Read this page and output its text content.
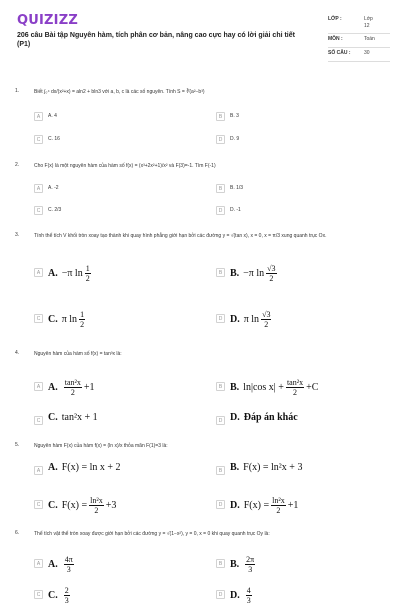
QUIZIZZ
206 câu Bài tập Nguyên hàm, tích phân cơ bản, nâng cao cực hay có lời giải chi tiết (P1)
LỚP :	Lớp 12
MÔN :	Toán
SỐ CÂU :	30
1.	Biết ∫₀⁴ dx/(x²+x) = aln2 + bln3 với a, b, c là các số nguyên. Tính S = ∛(a²−b³)
A	A. 4	B	B. 3
C	C. 16	D	D. 9
2.	Cho F(x) là một nguyên hàm của hàm số f(x) = (x³+2x²+1)/x² và F(3)=-1. Tìm F(-1)
A	A. -2	B	B. 1/3
C	C. 2/3	D	D. -1
3.	Tính thể tích V khối tròn xoay tạo thành khi quay hình phẳng giới hạn bởi các đường y = √(tan x), x = 0, x = π/3 xung quanh trục Ox.
A A. −π $\ln \frac{1}{2}$	B B. −π $\ln \frac{√3}{2}$
C C. π $\ln \frac{1}{2}$	D D. π $\ln \frac{√3}{2}$
4.	Nguyên hàm của hàm số f(x) = tan³x là:
A A. $\frac{\text{tan²x}}{2} +1$	B B. ln|cos $x| + \frac{\text{tan²x}}{2} +C$
C C. tan²x + 1	D D. Đáp án khác
5.	Nguyên hàm F(x) của hàm f(x) = (ln x)/x thỏa mãn F(1)=3 là:
A A. F(x) = ln x + 2	B B. F(x) = ln²x + 3
C C. $F(x) = \frac{\text{ln²x}}{2} +3$	D D. $F(x) = \frac{\text{ln²x}}{2} +1$
6.	Thể tích vật thể tròn xoay được giới hạn bởi các đường y = √(1−x²), y = 0, x = 0 khi quay quanh trục Oy là:
A A. $\frac{4\pi}{3}$	B B. $\frac{2\pi}{3}$
C C. $\frac{2}{3}$	D D. $\frac{4}{3}$
